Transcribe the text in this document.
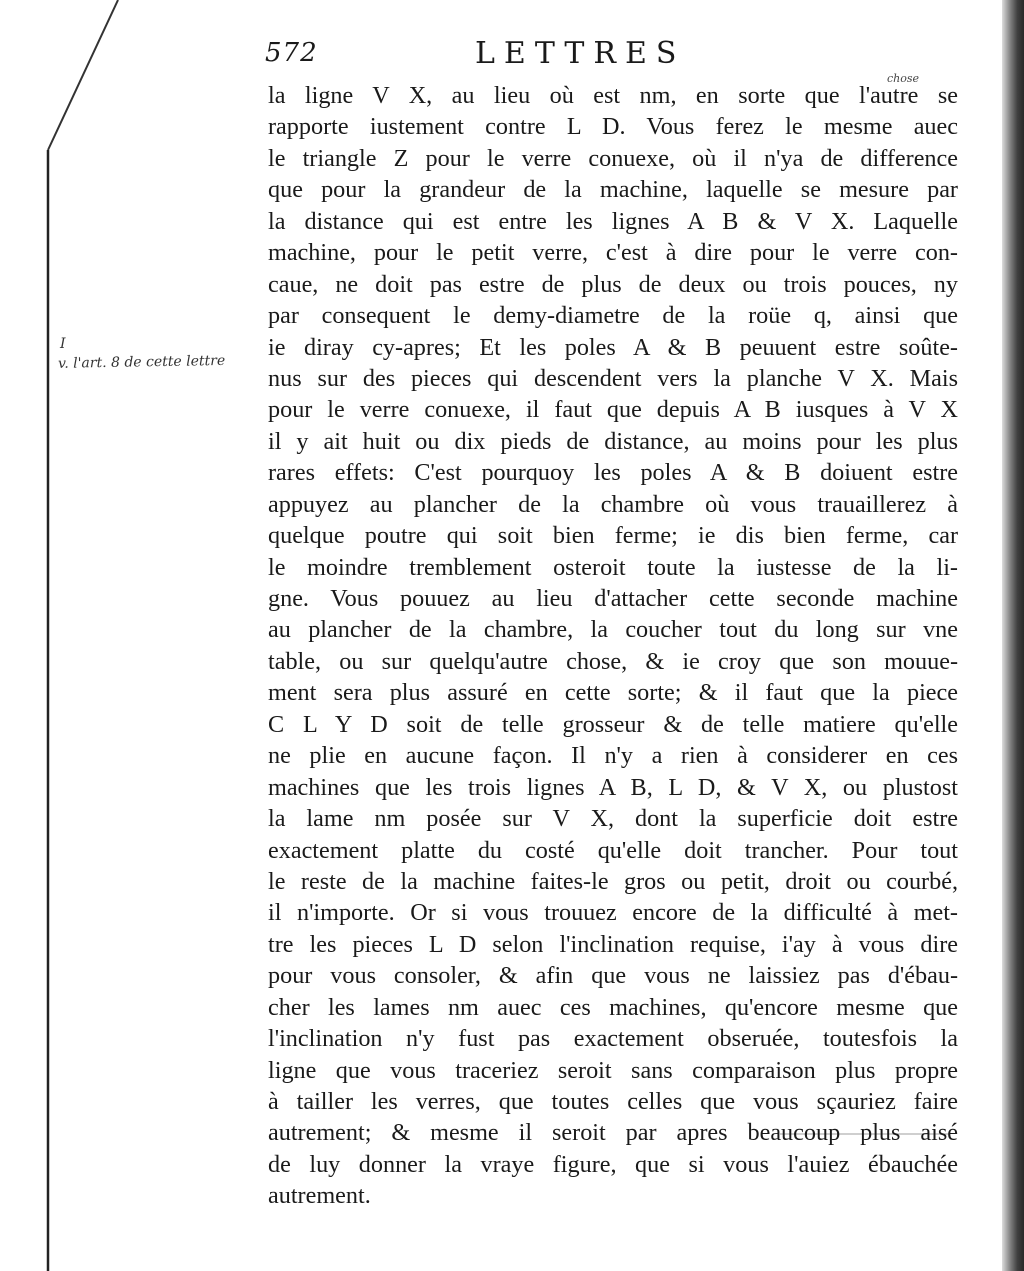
572	LETTRES
chose
I
v. l'art. 8 de cette lettre
la ligne V X, au lieu où est nm, en sorte que l'autre se
rapporte iustement contre L D. Vous ferez le mesme auec
le triangle Z pour le verre conuexe, où il n'ya de difference
que pour la grandeur de la machine, laquelle se mesure par
la distance qui est entre les lignes A B & V X. Laquelle
machine, pour le petit verre, c'est à dire pour le verre con-
caue, ne doit pas estre de plus de deux ou trois pouces, ny
par consequent le demy-diametre de la roüe q, ainsi que
ie diray cy-apres; Et les poles A & B peuuent estre soûte-
nus sur des pieces qui descendent vers la planche V X. Mais
pour le verre conuexe, il faut que depuis A B iusques à V X
il y ait huit ou dix pieds de distance, au moins pour les plus
rares effets: C'est pourquoy les poles A & B doiuent estre
appuyez au plancher de la chambre où vous trauaillerez à
quelque poutre qui soit bien ferme; ie dis bien ferme, car
le moindre tremblement osteroit toute la iustesse de la li-
gne. Vous pouuez au lieu d'attacher cette seconde machine
au plancher de la chambre, la coucher tout du long sur vne
table, ou sur quelqu'autre chose, & ie croy que son mouue-
ment sera plus assuré en cette sorte; & il faut que la piece
C L Y D soit de telle grosseur & de telle matiere qu'elle
ne plie en aucune façon. Il n'y a rien à considerer en ces
machines que les trois lignes A B, L D, & V X, ou plustost
la lame nm posée sur V X, dont la superficie doit estre
exactement platte du costé qu'elle doit trancher. Pour tout
le reste de la machine faites-le gros ou petit, droit ou courbé,
il n'importe. Or si vous trouuez encore de la difficulté à met-
tre les pieces L D selon l'inclination requise, i'ay à vous dire
pour vous consoler, & afin que vous ne laissiez pas d'ébau-
cher les lames nm auec ces machines, qu'encore mesme que
l'inclination n'y fust pas exactement obseruée, toutesfois la
ligne que vous traceriez seroit sans comparaison plus propre
à tailler les verres, que toutes celles que vous sçauriez faire
autrement; & mesme il seroit par apres beaucoup plus aisé
de luy donner la vraye figure, que si vous l'auiez ébauchée
autrement.
